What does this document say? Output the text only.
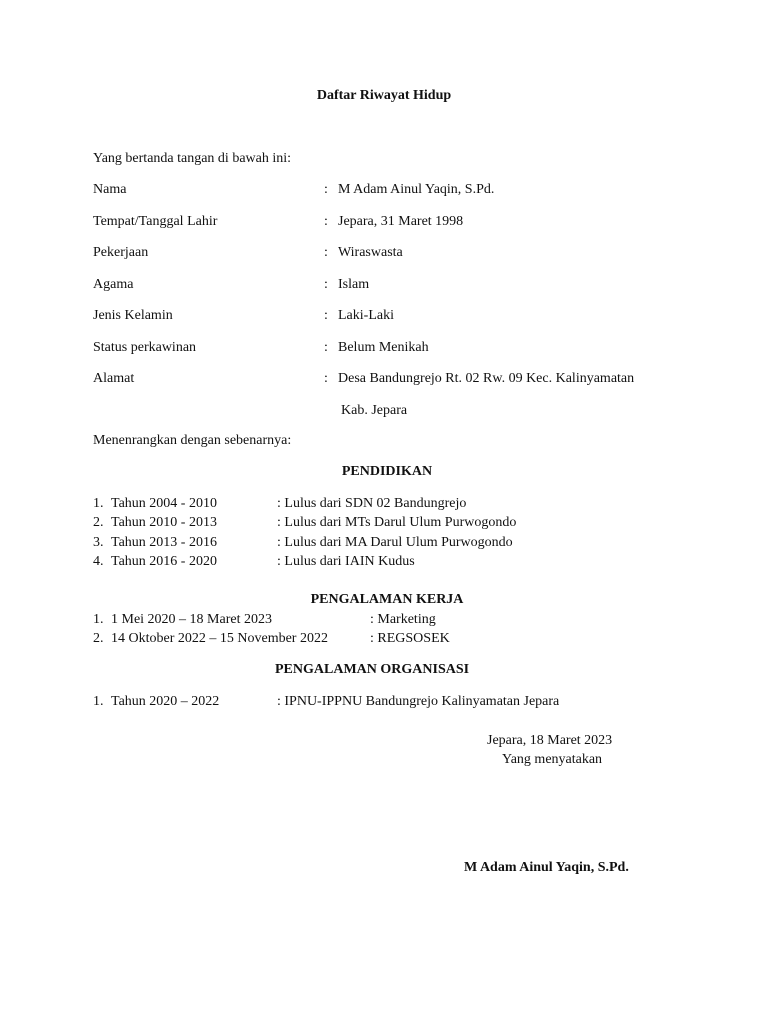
Daftar Riwayat Hidup
Yang bertanda tangan di bawah ini:
Nama	: M Adam Ainul Yaqin, S.Pd.
Tempat/Tanggal Lahir	: Jepara, 31 Maret 1998
Pekerjaan	: Wiraswasta
Agama	: Islam
Jenis Kelamin	: Laki-Laki
Status perkawinan	: Belum Menikah
Alamat	: Desa Bandungrejo Rt. 02 Rw. 09 Kec. Kalinyamatan
Kab. Jepara
Menenrangkan dengan sebenarnya:
PENDIDIKAN
1. Tahun 2004 - 2010	: Lulus dari SDN 02 Bandungrejo
2. Tahun 2010 - 2013	: Lulus dari MTs Darul Ulum Purwogondo
3. Tahun 2013 - 2016	: Lulus dari MA Darul Ulum Purwogondo
4. Tahun 2016 - 2020	: Lulus dari IAIN Kudus
PENGALAMAN KERJA
1. 1 Mei 2020 – 18 Maret 2023	: Marketing
2. 14 Oktober 2022 – 15 November 2022	: REGSOSEK
PENGALAMAN ORGANISASI
1. Tahun 2020 – 2022	: IPNU-IPPNU Bandungrejo Kalinyamatan Jepara
Jepara, 18 Maret 2023
Yang menyatakan
M Adam Ainul Yaqin, S.Pd.
